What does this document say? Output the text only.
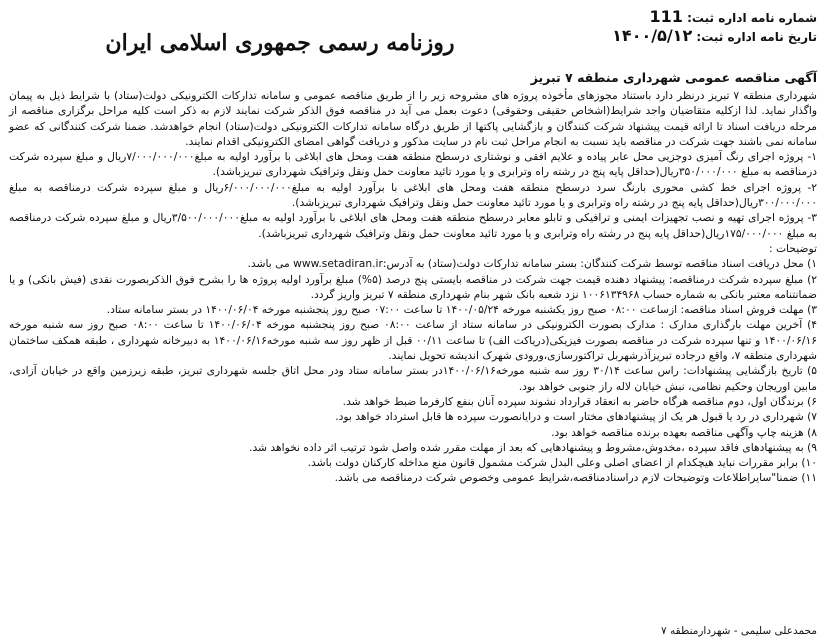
شماره نامه اداره ثبت: 111
تاریخ نامه اداره ثبت: ۱۴۰۰/۵/۱۲
روزنامه رسمی جمهوری اسلامی ایران
آگهی مناقصه عمومی شهرداری منطقه ۷ تبریز

شهرداری منطقه ۷ تبریز درنظر دارد باستناد مجوزهای مأخوذه پروژه های مشروحه زیر را از طریق مناقصه عمومی و سامانه تدارکات الکترونیکی دولت(ستاد) با شرایط ذیل به پیمان واگذار نماید. لذا ازکلیه متقاضیان واجد شرایط(اشخاص حقیقی وحقوقی) دعوت بعمل می آید در مناقصه فوق الذکر شرکت نمایند لازم به ذکر است کلیه مراحل برگزاری مناقصه از مرحله دریافت اسناد تا ارائه قیمت پیشنهاد شرکت کنندگان و بازگشایی پاکتها از طریق درگاه سامانه تدارکات الکترونیکی دولت(ستاد) انجام خواهدشد. ضمنا شرکت کنندگانی که عضو سامانه نمی باشند جهت شرکت در مناقصه باید نسبت به انجام مراحل ثبت نام در سایت مذکور و دریافت گواهی امضای الکترونیکی اقدام نمایند.

۱- پروژه اجرای رنگ آمیزی دوجزیی محل عابر پیاده و علایم افقی و نوشتاری درسطح منطقه هفت ومحل های ابلاغی با برآورد اولیه به مبلغ۷/۰۰۰/۰۰۰/۰۰۰ریال و مبلغ سپرده شرکت درمناقصه به مبلغ ۳۵۰/۰۰۰/۰۰۰ریال(حداقل پایه پنج در رشته راه وترابری و یا مورد تائید معاونت حمل ونقل وترافیک شهرداری تبریزباشد).

۲- پروژه اجرای خط کشی محوری بارنگ سرد درسطح منطقه هفت ومحل های ابلاغی با برآورد اولیه به مبلغ۶/۰۰۰/۰۰۰/۰۰۰ریال و مبلغ سپرده شرکت درمناقصه به مبلغ ۳۰۰/۰۰۰/۰۰۰ریال(حداقل پایه پنج در رشته راه وترابری و یا مورد تائید معاونت حمل ونقل وترافیک شهرداری تبریزباشد).

۳- پروژه اجرای تهیه و نصب تجهیزات ایمنی و ترافیکی و تابلو معابر درسطح منطقه هفت ومحل های ابلاغی با برآورد اولیه به مبلغ۳/۵۰۰/۰۰۰/۰۰۰ریال و مبلغ سپرده شرکت درمناقصه به مبلغ ۱۷۵/۰۰۰/۰۰۰ریال(حداقل پایه پنج در رشته راه وترابری و یا مورد تائید معاونت حمل ونقل وترافیک شهرداری تبریزباشد).

توضیحات :

۱) محل دریافت اسناد مناقصه توسط شرکت کنندگان: بستر سامانه تدارکات دولت(ستاد) به آدرس:www.setadiran.ir می باشد.

۲) مبلغ سپرده شرکت درمناقصه: پیشنهاد دهنده قیمت جهت شرکت در مناقصه بایستی پنج درصد (۵%) مبلغ برآورد اولیه پروژه ها را بشرح فوق الذکربصورت نقدی (فیش بانکی) و یا ضمانتنامه معتبر بانکی به شماره حساب ۱۰۰۶۱۳۴۹۶۸ نزد شعبه بانک شهر بنام شهرداری منطقه ۷ تبریز واریز گردد.

۳) مهلت فروش اسناد مناقصه: ازساعت ۰۸:۰۰ صبح روز یکشنبه مورخه ۱۴۰۰/۰۵/۲۴ تا ساعت ۰۷:۰۰ صبح روز پنجشنبه مورخه ۱۴۰۰/۰۶/۰۴ در بستر سامانه ستاد.

۴) آخرین مهلت بارگذاری مدارک : مدارک بصورت الکترونیکی در سامانه ستاد از ساعت ۰۸:۰۰ صبح روز پنجشنبه مورخه ۱۴۰۰/۰۶/۰۴ تا ساعت ۰۸:۰۰ صبح روز سه شنبه مورخه ۱۴۰۰/۰۶/۱۶ و تنها سپرده شرکت در مناقصه بصورت فیزیکی(دریاکت الف) تا ساعت ۰۰/۱۱ قبل از ظهر روز سه شنبه مورخه۱۴۰۰/۰۶/۱۶ به دبیرخانه شهرداری ، طبقه همکف ساختمان شهرداری منطقه ۷، واقع درجاده تبریزآذرشهربل تراکتورسازی،ورودی شهرک اندیشه تحویل نمایند.

۵) تاریخ بازگشایی پیشنهادات: راس ساعت ۳۰/۱۴ روز سه شنبه مورخه۱۴۰۰/۰۶/۱۶در بستر سامانه ستاد ودر محل اتاق جلسه شهرداری تبریز، طبقه زیرزمین واقع در خیابان آزادی، مابین اوریجان وحکیم نظامی، نبش خیابان لاله راز جنوبی خواهد بود.

۶) برندگان اول، دوم مناقصه هرگاه حاضر به انعقاد قرارداد نشوند سپرده آنان بنفع کارفرما ضبط خواهد شد.

۷) شهرداری در رد یا قبول هر یک از پیشنهادهای مختار است و درایانصورت سپرده ها قابل استرداد خواهد بود.

۸) هزینه چاپ وآگهی مناقصه بعهده برنده مناقصه خواهد بود.

۹) به پیشنهادهای فاقد سپرده ،مخدوش،مشروط و پیشنهادهایی که بعد از مهلت مقرر شده واصل شود ترتیب اثر داده نخواهد شد.

۱۰) برابر مقررات نباید هیچکدام از اعضای اصلی وعلی البدل شرکت مشمول قانون منع مداخله کارکنان دولت باشد.

۱۱) ضمنا"سایراطلاعات وتوضیحات لازم دراسنادمناقصه،شرایط عمومی وخصوص شرکت درمناقصه می باشد.

محمدعلی سلیمی - شهردارمنطقه ۷
